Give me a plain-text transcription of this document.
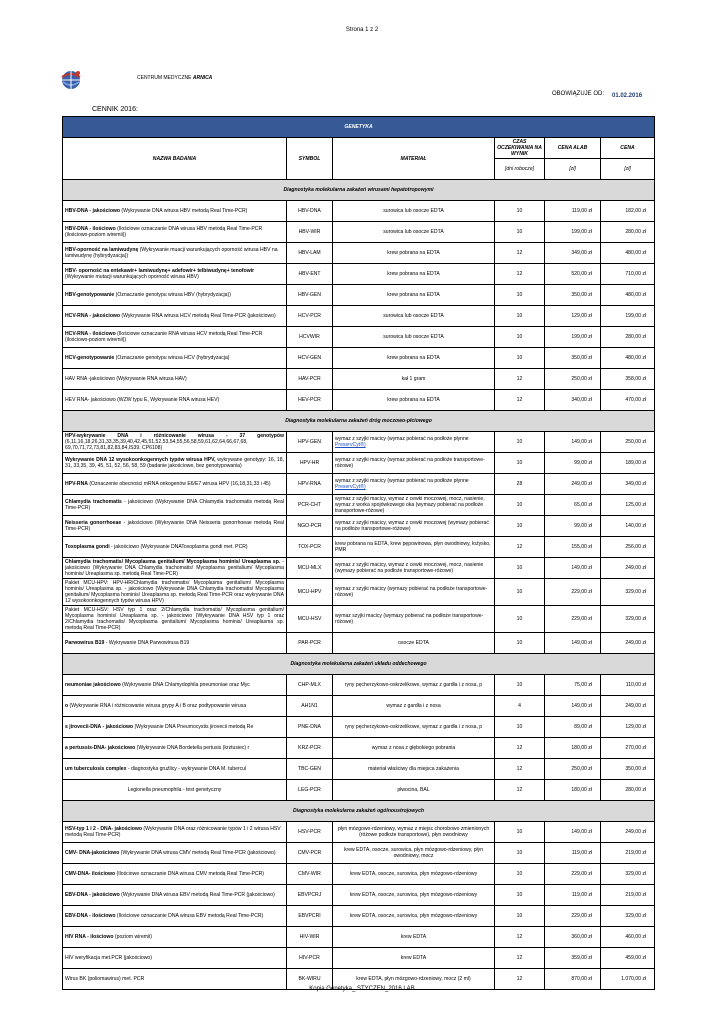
Strona 1 z 2
CENTRUM MEDYCZNE ARNICA
OBOWIĄZUJE OD: 01.02.2016
CENNIK 2016:
GENETYKA					
NAZWA BADANIA	SYMBOL	MATERIAŁ	CZAS OCZEKIWANIA NA WYNIK	CENA ALAB	CENA
			[dni robocze]	[zł]	[zł]
Diagnostyka molekularna zakażeń wirusami hepatotropowymi					
HBV-DNA - jakościowo (Wykrywanie DNA wirusa HBV metodą Real Time-PCR)	HBV-DNA	surowica lub osocze EDTA	10	119,00 zł	182,00 zł
HBV-DNA - ilościowo (Ilościowe oznaczanie DNA wirusa HBV metodą Real Time-PCR (ilościowo-poziom wiremii))	HBV-WIR	surowica lub osocze EDTA	10	199,00 zł	280,00 zł
HBV-oporność na lamiwudynę (Wykrywanie muacji warunkujących oporność wirusa HBV na lamiwudynę (hybrydyzacja))	HBV-LAM	krew pobrana na EDTA	12	349,00 zł	480,00 zł
HBV- oporność na entekawir+ lamiwudynę+ adefowir+ telbiwudynę+ tenofowir (Wykrywanie mutacji warunkujących oporność wirusa HBV)	HBV-ENT	krew pobrana na EDTA	12	520,00 zł	710,00 zł
HBV-genotypowanie (Oznaczanie genotypu wirusa HBV (hybrydyzacja))	HBV-GEN	krew pobrana na EDTA	10	350,00 zł	480,00 zł
HCV-RNA - jakościowo (Wykrywanie RNA wirusa HCV metodą Real Time-PCR (jakościowo)	HCV-PCR	surowica lub osocze EDTA	10	129,00 zł	199,00 zł
HCV-RNA - ilościowo (Ilościowe oznaczanie RNA wirusa HCV metodą Real Time-PCR (ilościowo-poziom wiremii))	HCVWIR	surowica lub osocze EDTA	10	199,00 zł	280,00 zł
HCV-genotypowanie (Oznaczanie genotypu wirusa HCV (hybrydyzacja)	HCV-GEN	krew pobrana na EDTA	10	350,00 zł	480,00 zł
HAV RNA -jakościowo (Wykrywanie RNA wirusa HAV)	HAV-PCR	kał 1 gram	12	250,00 zł	358,00 zł
HEV RNA- jakościowo (WZW typu E, Wykrywanie RNA wirusa HEV)	HEV-PCR	krew pobrana na EDTA	12	340,00 zł	470,00 zł
Diagnostyka molekularna zakażeń dróg moczowo-płciowego					
HPV-wykrywanie DNA i różnicowanie wirusa - 37 genotypów (6,11,16,18,26,31,33,35,39,40,42,45,51,52,53,54,55,56,58,59,61,62,64,66,67,68, 69,70,71,72,73,81,82,83,84,IS39, CP6108)	HPV-GEN	wymaz z szyjki macicy (wymaz pobierać na podłoże płynne PreservCyt®)	10	149,00 zł	250,00 zł
Wykrywanie DNA 12 wysokoonkogennych typów wirusa HPV, wykrywane genotypy: 16, 18, 31, 33,35, 39, 45, 51, 52, 56, 58, 59 (badanie jakościowe, bez genotypowania)	HPV-HR	wymaz z szyjki macicy (wymaz pobierać na podłoże transportowe-różowe)	10	99,00 zł	189,00 zł
HPV-RNA (Oznaczenie obecności mRNA onkogenów E6/E7 wirusa HPV (16,18,31,33 i 45)	HPV-RNA	wymaz z szyjki macicy (wymaz pobierać na podłoże płynne PreservCyt®)	28	249,00 zł	349,00 zł
Chlamydia trachomatis - jakościowo (Wykrywanie DNA Chlamydia trachomatis metodą Real Time-PCR)	PCR-CHT	wymaz z szyjki macicy, wymaz z cewki moczowej, mocz, nasienie, wymaz z worka spojówkowego oka (wymazy pobierać na podłoże transportowe-różowe)	10	65,00 zł	125,00 zł
Neisseria gonorrhoeae - jakościowo (Wykrywanie DNA Neisseria gonorrhoeae metodą Real Time-PCR)	NGO-PCR	wymaz z szyjki macicy, wymaz z cewki moczowej (wymazy pobierać na podłoże transportowe-różowe)	10	99,00 zł	140,00 zł
Toxoplasma gondi - jakościowo (Wykrywanie DNAToxoplasma gondi met. PCR)	TOX-PCR	krew pobrana na EDTA, krew pępowinowa, płyn owodniowy, łożysko, PMR	12	155,00 zł	256,00 zł
Chlamydia trachomatis/ Mycoplasma genitalium/ Mycoplasma hominis/ Ureaplasma sp. - jakościowo (Wykrywanie DNA Chlamydia trachomatis/ Mycoplasma genitalium/ Mycoplasma hominis/ Ureaplasma sp. metodą Real Time-PCR)	MCU-MLX	wymaz z szyjki macicy, wymaz z cewki moczowej, mocz, nasienie (wymazy pobierać na podłoże transportowe-różowe)	10	149,00 zł	249,00 zł
Pakiet MCU-HPV: HPV-HR/Chlamydia trachomatis/ Mycoplasma genitalium/ Mycoplasma hominis/ Ureaplasma sp. - jakościowo (Wykrywanie DNA Chlamydia trachomatis/ Mycoplasma genitalium/ Mycoplasma hominis/ Ureaplasma sp. metodą Real Time-PCR oraz wykrywanie DNA 12 wysokoonkogennych typów wirusa HPV)	MCU-HPV	wymaz z szyjki macicy (wymazy pobierać na podłoże transportowe-różowe)	10	229,00 zł	329,00 zł
Pakiet MCU-HSV: HSV typ 1 oraz 2/Chlamydia trachomatis/ Mycoplasma genitalium/ Mycoplasma hominis/ Ureaplasma sp. - jakościowo (Wykrywanie DNA HSV typ 1 oraz 2/Chlamydia trachomatis/ Mycoplasma genitalium/ Mycoplasma hominis/ Ureaplasma sp. metodą Real Time-PCR)	MCU-HSV	wymaz szyjki macicy (wymazy pobierać na podłoże transportowe-różowe)	10	229,00 zł	329,00 zł
Parwowirus B19 - Wykrywanie DNA Parwowirusa B19	PAR-PCR	osocze EDTA	10	149,00 zł	249,00 zł
Diagnostyka molekularna zakażeń układu oddechowego					
neumoniae jakościowo (Wykrywanie DNA Chlamydophila pneumoniae oraz Myc	CHP-MLX	ryny pęcherzykowo-oskrzelikowe, wymaz z gardła i z nosa, p	10	75,00 zł	110,00 zł
o (Wykrywanie RNA i różnicowanie wirusa grypy A i B oraz podtypowanie wirusa	AH1N1	wymaz z gardła i z nosa	4	149,00 zł	249,00 zł
s jirovecii-DNA - jakościowo (Wykrywanie DNA Pneumocystis jirovecii metodą Re	PNE-DNA	ryny pęcherzykowo-oskrzelikowe, wymaz z gardła i z nosa, p	10	89,00 zł	129,00 zł
a pertussis-DNA- jakościowo (Wykrywanie DNA Bordetella pertusis (krztusiec) r	KRZ-PCR	wymaz z nosa z głębokiego pobrania	12	180,00 zł	270,00 zł
um tuberculosis complex - diagnostyka gruźlicy - wykrywanie DNA M. tubercul	TBC-GEN	materiał właściwy dla miejsca zakażenia	12	250,00 zł	350,00 zł
Legionella pneumophila - test genetyczny	LEG-PCR	płwocina, BAL	12	180,00 zł	280,00 zł
Diagnostyka molekularna zakażeń ogólnoustrojowych					
HSV-typ 1 i 2 - DNA- jakościowo (Wykrywanie DNA oraz różnicowanie typów 1 i 2 wirusa HSV metodą Real Time-PCR)	HSV-PCR	płyn mózgowo-rdzeniowy, wymaz z miejsc chorobowo zmienionych (różowe podłoże transportowe), płyn owodniowy	10	149,00 zł	249,00 zł
CMV- DNA-jakościowo (Wykrywanie DNA wirusa CMV metodą Real Time-PCR (jakościowo)	CMV-PCR	krew EDTA, osocze, surowica, płyn mózgowo-rdzeniowy, płyn owodniowy, mocz	10	119,00 zł	219,00 zł
CMV-DNA- ilościowo (Ilościowe oznaczanie DNA wirusa CMV metodą Real Time-PCR)	CMV-WIR	krew EDTA, osocze, surowica, płyn mózgowo-rdzeniowy	10	229,00 zł	329,00 zł
EBV-DNA - jakościowo (Wykrywanie DNA wirusa EBV metodą Real Time-PCR (jakościowo)	EBVPCRJ	krew EDTA, osocze, surowica, płyn mózgowo-rdzeniowy	10	119,00 zł	219,00 zł
EBV-DNA - ilościowo (Ilościowe oznaczanie DNA wirusa EBV metodą Real Time-PCR)	EBVPCRI	krew EDTA, osocze, surowica, płyn mózgowo-rdzeniowy	10	229,00 zł	329,00 zł
HIV RNA - ilościowo (poziom wiremii)	HIV-WIR	krew EDTA	12	360,00 zł	460,00 zł
HIV weryfikacja met.PCR (jakościowo)	HIV-PCR	krew EDTA	12	359,00 zł	459,00 zł
Wirus BK (poliomawirus) met. PCR	BK-WIRU	krew EDTA, płyn mózgowo-rdzeniowy, mocz (2 ml)	12	870,00 zł	1.070,00 zł
Kopia Genetyka_ STYCZEN_2016 LAB
